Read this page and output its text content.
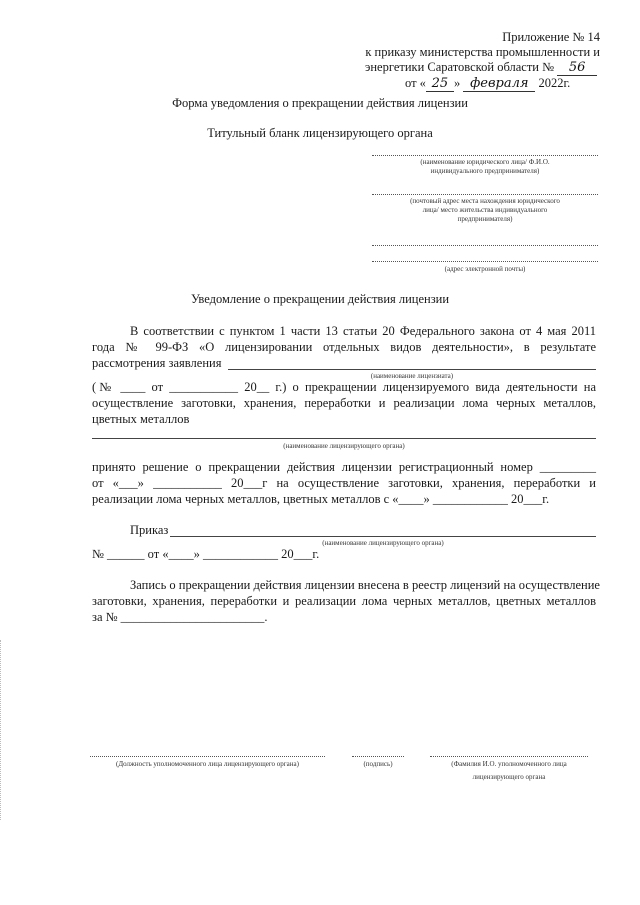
Приложение № 14
к приказу министерства промышленности и
энергетики Саратовской области № 56
от « 25 » февраля 2022г.
Форма уведомления о прекращении действия лицензии
Титульный бланк лицензирующего органа
(наименование юридического лица/ Ф.И.О.
индивидуального предпринимателя)
(почтовый адрес места нахождения юридического
лица/ место жительства индивидуального
предпринимателя)
(адрес электронной почты)
Уведомление о прекращении действия лицензии
В соответствии с пунктом 1 части 13 статьи 20 Федерального закона от 4 мая 2011
года № 99-ФЗ «О лицензировании отдельных видов деятельности», в результате
рассмотрения заявления
(наименование лицензиата)
(№ ____ от ___________ 20__ г.) о прекращении лицензируемого вида деятельности на
осуществление заготовки, хранения, переработки и реализации лома черных металлов,
цветных металлов
(наименование лицензирующего органа)
принято решение о прекращении действия лицензии регистрационный номер _________
от «___» ___________ 20___г на осуществление заготовки, хранения, переработки и
реализации лома черных металлов, цветных металлов с «____» ____________ 20___г.
Приказ
(наименование лицензирующего органа)
№ ______ от «____» ____________ 20___г.
Запись о прекращении действия лицензии внесена в реестр лицензий на осуществление
заготовки, хранения, переработки и реализации лома черных металлов, цветных металлов
за № _______________________.
(Должность уполномоченного лица лицензирующего органа)	(подпись)	(Фамилия И.О. уполномоченного лица
лицензирующего органа
